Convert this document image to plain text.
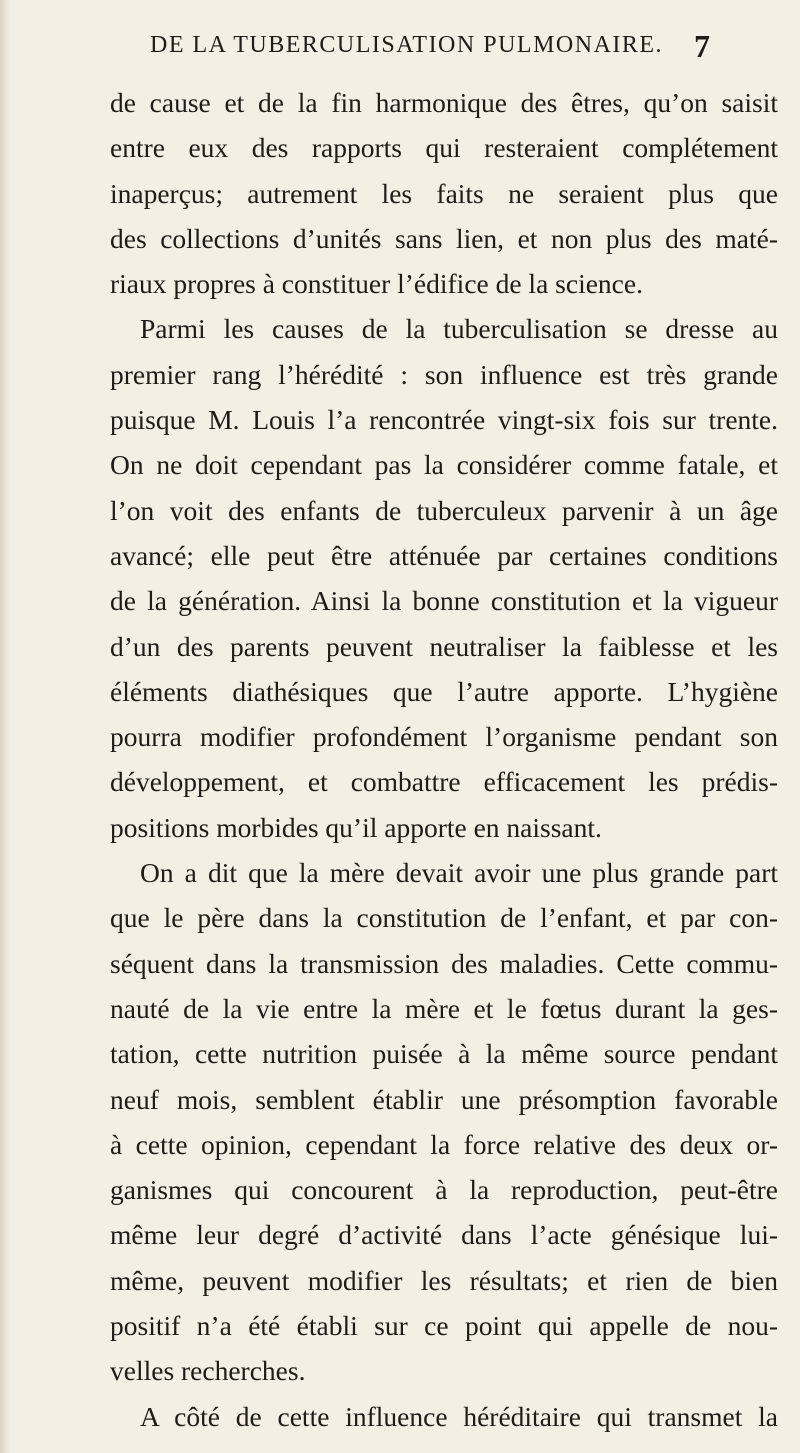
DE LA TUBERCULISATION PULMONAIRE. 7
de cause et de la fin harmonique des êtres, qu’on saisit
entre eux des rapports qui resteraient complétement
inaperçus; autrement les faits ne seraient plus que
des collections d’unités sans lien, et non plus des maté-
riaux propres à constituer l’édifice de la science.
Parmi les causes de la tuberculisation se dresse au
premier rang l’hérédité : son influence est très grande
puisque M. Louis l’a rencontrée vingt-six fois sur trente.
On ne doit cependant pas la considérer comme fatale, et
l’on voit des enfants de tuberculeux parvenir à un âge
avancé; elle peut être atténuée par certaines conditions
de la génération. Ainsi la bonne constitution et la vigueur
d’un des parents peuvent neutraliser la faiblesse et les
éléments diathésiques que l’autre apporte. L’hygiène
pourra modifier profondément l’organisme pendant son
développement, et combattre efficacement les prédis-
positions morbides qu’il apporte en naissant.
On a dit que la mère devait avoir une plus grande part
que le père dans la constitution de l’enfant, et par con-
séquent dans la transmission des maladies. Cette commu-
nauté de la vie entre la mère et le fœtus durant la ges-
tation, cette nutrition puisée à la même source pendant
neuf mois, semblent établir une présomption favorable
à cette opinion, cependant la force relative des deux or-
ganismes qui concourent à la reproduction, peut-être
même leur degré d’activité dans l’acte génésique lui-
même, peuvent modifier les résultats; et rien de bien
positif n’a été établi sur ce point qui appelle de nou-
velles recherches.
A côté de cette influence héréditaire qui transmet la
